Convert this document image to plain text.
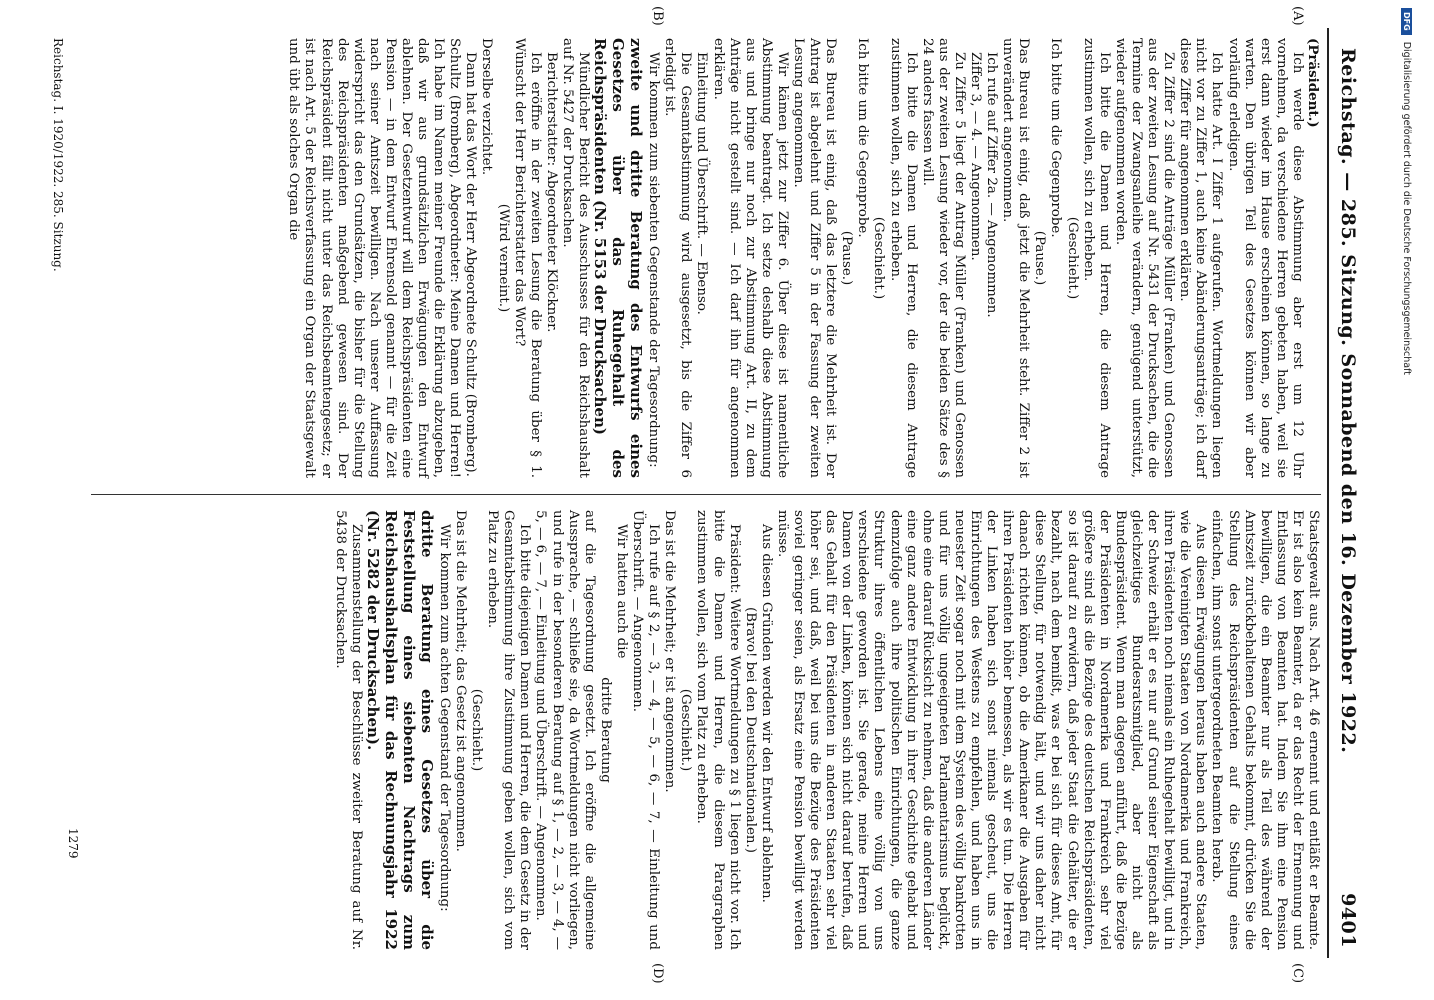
Reichstag. — 285. Sitzung. Sonnabend den 16. Dezember 1922.
9401
(A)
(B)
(C)
(D)

(Präsident.)

Ich werde diese Abstimmung aber erst um 12 Uhr vornehmen, da verschiedene Herren gebeten haben, weil sie erst dann wieder im Hause erscheinen können, so lange zu warten. Den übrigen Teil des Gesetzes können wir aber vorläufig erledigen.

Ich hatte Art. I Ziffer 1 aufgerufen. Wortmeldungen liegen nicht vor zu Ziffer 1, auch keine Abänderungsanträge; ich darf diese Ziffer für angenommen erklären.

Zu Ziffer 2 sind die Anträge Müller (Franken) und Genossen aus der zweiten Lesung auf Nr. 5431 der Drucksachen, die die Termine der Zwangsanleihe verändern, genügend unterstützt, wieder aufgenommen worden.

Ich bitte die Damen und Herren, die diesem Antrage zustimmen wollen, sich zu erheben.

(Geschieht.)

Ich bitte um die Gegenprobe.

(Pause.)

Das Bureau ist einig, daß jetzt die Mehrheit steht. Ziffer 2 ist unverändert angenommen.

Ich rufe auf Ziffer 2a. — Angenommen.

Ziffer 3, — 4. — Angenommen.

Zu Ziffer 5 liegt der Antrag Müller (Franken) und Genossen aus der zweiten Lesung wieder vor, der die beiden Sätze des § 24 anders fassen will.

Ich bitte die Damen und Herren, die diesem Antrage zustimmen wollen, sich zu erheben.

(Geschieht.)

Ich bitte um die Gegenprobe.

(Pause.)

Das Bureau ist einig, daß das letztere die Mehrheit ist. Der Antrag ist abgelehnt und Ziffer 5 in der Fassung der zweiten Lesung angenommen.

Wir kämen jetzt zur Ziffer 6. Über diese ist namentliche Abstimmung beantragt. Ich setze deshalb diese Abstimmung aus und bringe nur noch zur Abstimmung Art. II, zu dem Anträge nicht gestellt sind. — Ich darf ihn für angenommen erklären.

Einleitung und Überschrift. — Ebenso.

Die Gesamtabstimmung wird ausgesetzt, bis die Ziffer 6 erledigt ist.

Wir kommen zum siebenten Gegenstande der Tagesordnung:

zweite und dritte Beratung des Entwurfs eines Gesetzes über das Ruhegehalt des Reichspräsidenten (Nr. 5153 der Drucksachen)

Mündlicher Bericht des Ausschusses für den Reichshaushalt auf Nr. 5427 der Drucksachen.

Berichterstatter: Abgeordneter Klöckner.

Ich eröffne in der zweiten Lesung die Beratung über § 1. Wünscht der Herr Berichterstatter das Wort?

(Wird verneint.)

Derselbe verzichtet.

Dann hat das Wort der Herr Abgeordnete Schultz (Bromberg).

Schultz (Bromberg), Abgeordneter: Meine Damen und Herren! Ich habe im Namen meiner Freunde die Erklärung abzugeben, daß wir aus grundsätzlichen Erwägungen den Entwurf ablehnen. Der Gesetzentwurf will dem Reichspräsidenten eine Pension — in dem Entwurf Ehrensold genannt — für die Zeit nach seiner Amtszeit bewilligen. Nach unserer Auffassung widerspricht das den Grundsätzen, die bisher für die Stellung des Reichspräsidenten maßgebend gewesen sind. Der Reichspräsident fällt nicht unter das Reichsbeamtengesetz; er ist nach Art. 5 der Reichsverfassung ein Organ der Staatsgewalt und übt als solches Organ die

Staatsgewalt aus. Nach Art. 46 ernennt und entläßt er Beamte. Er ist also kein Beamter, da er das Recht der Ernennung und Entlassung von Beamten hat. Indem Sie ihm eine Pension bewilligen, die ein Beamter nur als Teil des während der Amtszeit zurückbehaltenen Gehalts bekommt, drücken Sie die Stellung des Reichspräsidenten auf die Stellung eines einfachen, ihm sonst untergeordneten Beamten herab.

Aus diesen Erwägungen heraus haben auch andere Staaten, wie die Vereinigten Staaten von Nordamerika und Frankreich, ihren Präsidenten noch niemals ein Ruhegehalt bewilligt, und in der Schweiz erhält er es nur auf Grund seiner Eigenschaft als gleichzeitiges Bundesratsmitglied, aber nicht als Bundespräsident. Wenn man dagegen anführt, daß die Bezüge der Präsidenten in Nordamerika und Frankreich sehr viel größere sind als die Bezüge des deutschen Reichspräsidenten, so ist darauf zu erwidern, daß jeder Staat die Gehälter, die er bezahlt, nach dem bemißt, was er bei sich für dieses Amt, für diese Stellung, für notwendig hält, und wir uns daher nicht danach richten können, ob die Amerikaner die Ausgaben für ihren Präsidenten höher bemessen, als wir es tun. Die Herren der Linken haben sich sonst niemals gescheut, uns die Einrichtungen des Westens zu empfehlen, und haben uns in neuester Zeit sogar noch mit dem System des völlig bankrotten und für uns völlig ungeeigneten Parlamentarismus beglückt, ohne eine darauf Rücksicht zu nehmen, daß die anderen Länder eine ganz andere Entwicklung in ihrer Geschichte gehabt und demzufolge auch ihre politischen Einrichtungen, die ganze Struktur ihres öffentlichen Lebens eine völlig von uns verschiedene geworden ist. Sie gerade, meine Herren und Damen von der Linken, können sich nicht darauf berufen, daß das Gehalt für den Präsidenten in anderen Staaten sehr viel höher sei, und daß, weil bei uns die Bezüge des Präsidenten soviel geringer seien, als Ersatz eine Pension bewilligt werden müsse.

Aus diesen Gründen werden wir den Entwurf ablehnen.

(Bravo! bei den Deutschnationalen.)

Präsident: Weitere Wortmeldungen zu § 1 liegen nicht vor. Ich bitte die Damen und Herren, die diesem Paragraphen zustimmen wollen, sich vom Platz zu erheben.

(Geschieht.)

Das ist die Mehrheit; er ist angenommen.

Ich rufe auf § 2, — 3, — 4, — 5, — 6, — 7, — Einleitung und Überschrift. — Angenommen.

Wir hatten auch die

dritte Beratung

auf die Tagesordnung gesetzt. Ich eröffne die allgemeine Aussprache, — schließe sie, da Wortmeldungen nicht vorliegen, und rufe in der besonderen Beratung auf § 1, — 2, — 3, — 4, — 5, — 6, — 7, — Einleitung und Überschrift. — Angenommen.

Ich bitte diejenigen Damen und Herren, die dem Gesetz in der Gesamtabstimmung ihre Zustimmung geben wollen, sich vom Platz zu erheben.

(Geschieht.)

Das ist die Mehrheit; das Gesetz ist angenommen.

Wir kommen zum achten Gegenstand der Tagesordnung:

dritte Beratung eines Gesetzes über die Feststellung eines siebenten Nachtrags zum Reichshaushaltsplan für das Rechnungsjahr 1922 (Nr. 5282 der Drucksachen).

Zusammenstellung der Beschlüsse zweiter Beratung auf Nr. 5438 der Drucksachen.

Reichstag. I. 1920/1922. 285. Sitzung.
1279
DFG Digitalisierung gefördert durch die Deutsche Forschungsgemeinschaft
